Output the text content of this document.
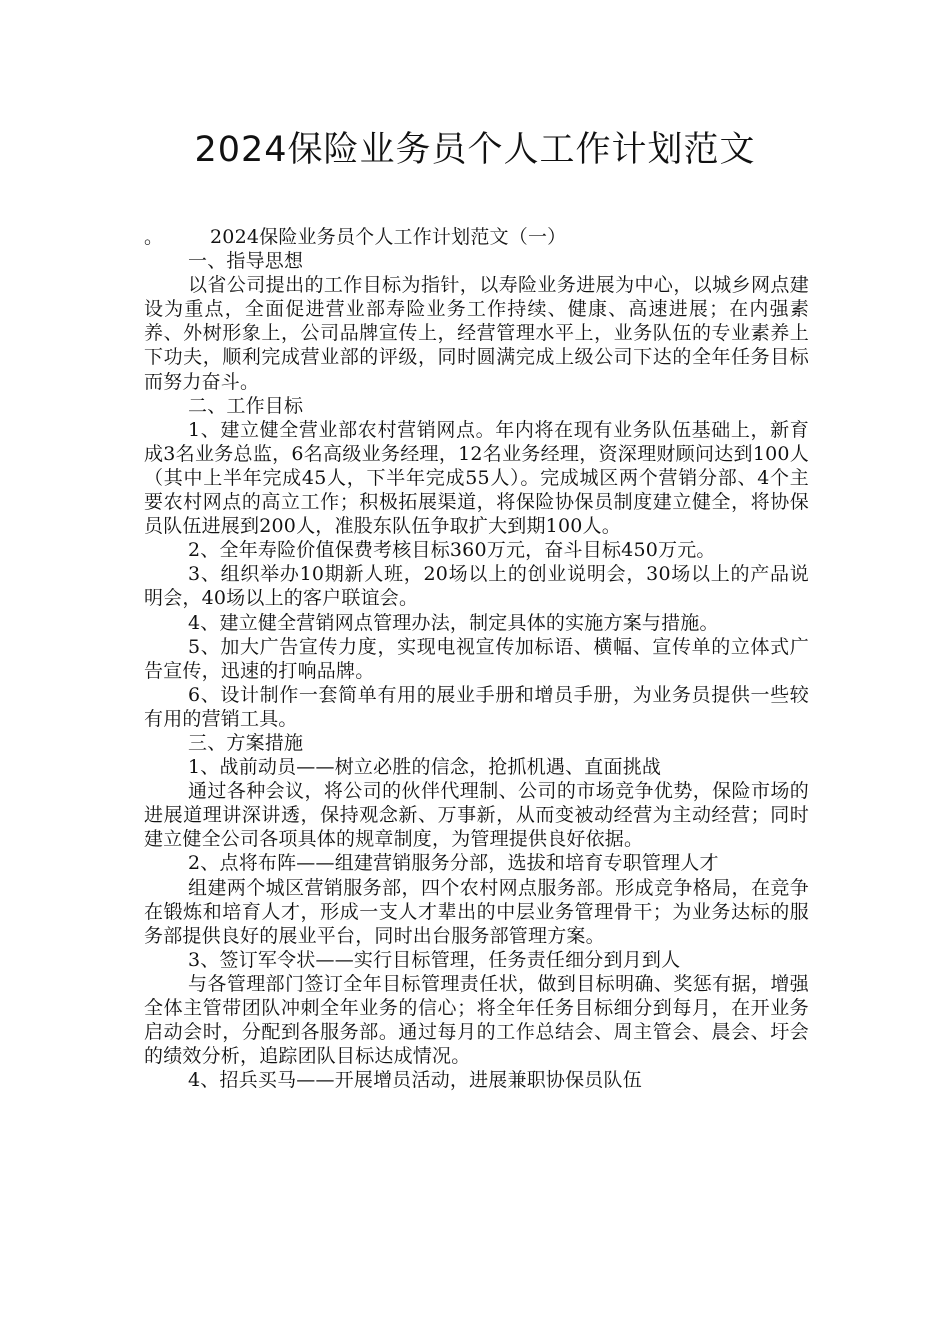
2024保险业务员个人工作计划范文

。 2024保险业务员个人工作计划范文（一）

一、指导思想

以省公司提出的工作目标为指针，以寿险业务进展为中心，以城乡网点建设为重点，全面促进营业部寿险业务工作持续、健康、高速进展；在内强素养、外树形象上，公司品牌宣传上，经营管理水平上，业务队伍的专业素养上下功夫，顺利完成营业部的评级，同时圆满完成上级公司下达的全年任务目标而努力奋斗。

二、工作目标

1、建立健全营业部农村营销网点。年内将在现有业务队伍基础上，新育成3名业务总监，6名高级业务经理，12名业务经理，资深理财顾问达到100人（其中上半年完成45人，下半年完成55人）。完成城区两个营销分部、4个主要农村网点的高立工作；积极拓展渠道，将保险协保员制度建立健全，将协保员队伍进展到200人，准股东队伍争取扩大到期100人。

2、全年寿险价值保费考核目标360万元，奋斗目标450万元。

3、组织举办10期新人班，20场以上的创业说明会，30场以上的产品说明会，40场以上的客户联谊会。

4、建立健全营销网点管理办法，制定具体的实施方案与措施。

5、加大广告宣传力度，实现电视宣传加标语、横幅、宣传单的立体式广告宣传，迅速的打响品牌。

6、设计制作一套简单有用的展业手册和增员手册，为业务员提供一些较有用的营销工具。

三、方案措施

1、战前动员——树立必胜的信念，抢抓机遇、直面挑战

通过各种会议，将公司的伙伴代理制、公司的市场竞争优势，保险市场的进展道理讲深讲透，保持观念新、万事新，从而变被动经营为主动经营；同时建立健全公司各项具体的规章制度，为管理提供良好依据。

2、点将布阵——组建营销服务分部，选拔和培育专职管理人才

组建两个城区营销服务部，四个农村网点服务部。形成竞争格局，在竞争在锻炼和培育人才，形成一支人才辈出的中层业务管理骨干；为业务达标的服务部提供良好的展业平台，同时出台服务部管理方案。

3、签订军令状——实行目标管理，任务责任细分到月到人

与各管理部门签订全年目标管理责任状，做到目标明确、奖惩有据，增强全体主管带团队冲刺全年业务的信心；将全年任务目标细分到每月，在开业务启动会时，分配到各服务部。通过每月的工作总结会、周主管会、晨会、圩会的绩效分析，追踪团队目标达成情况。

4、招兵买马——开展增员活动，进展兼职协保员队伍
